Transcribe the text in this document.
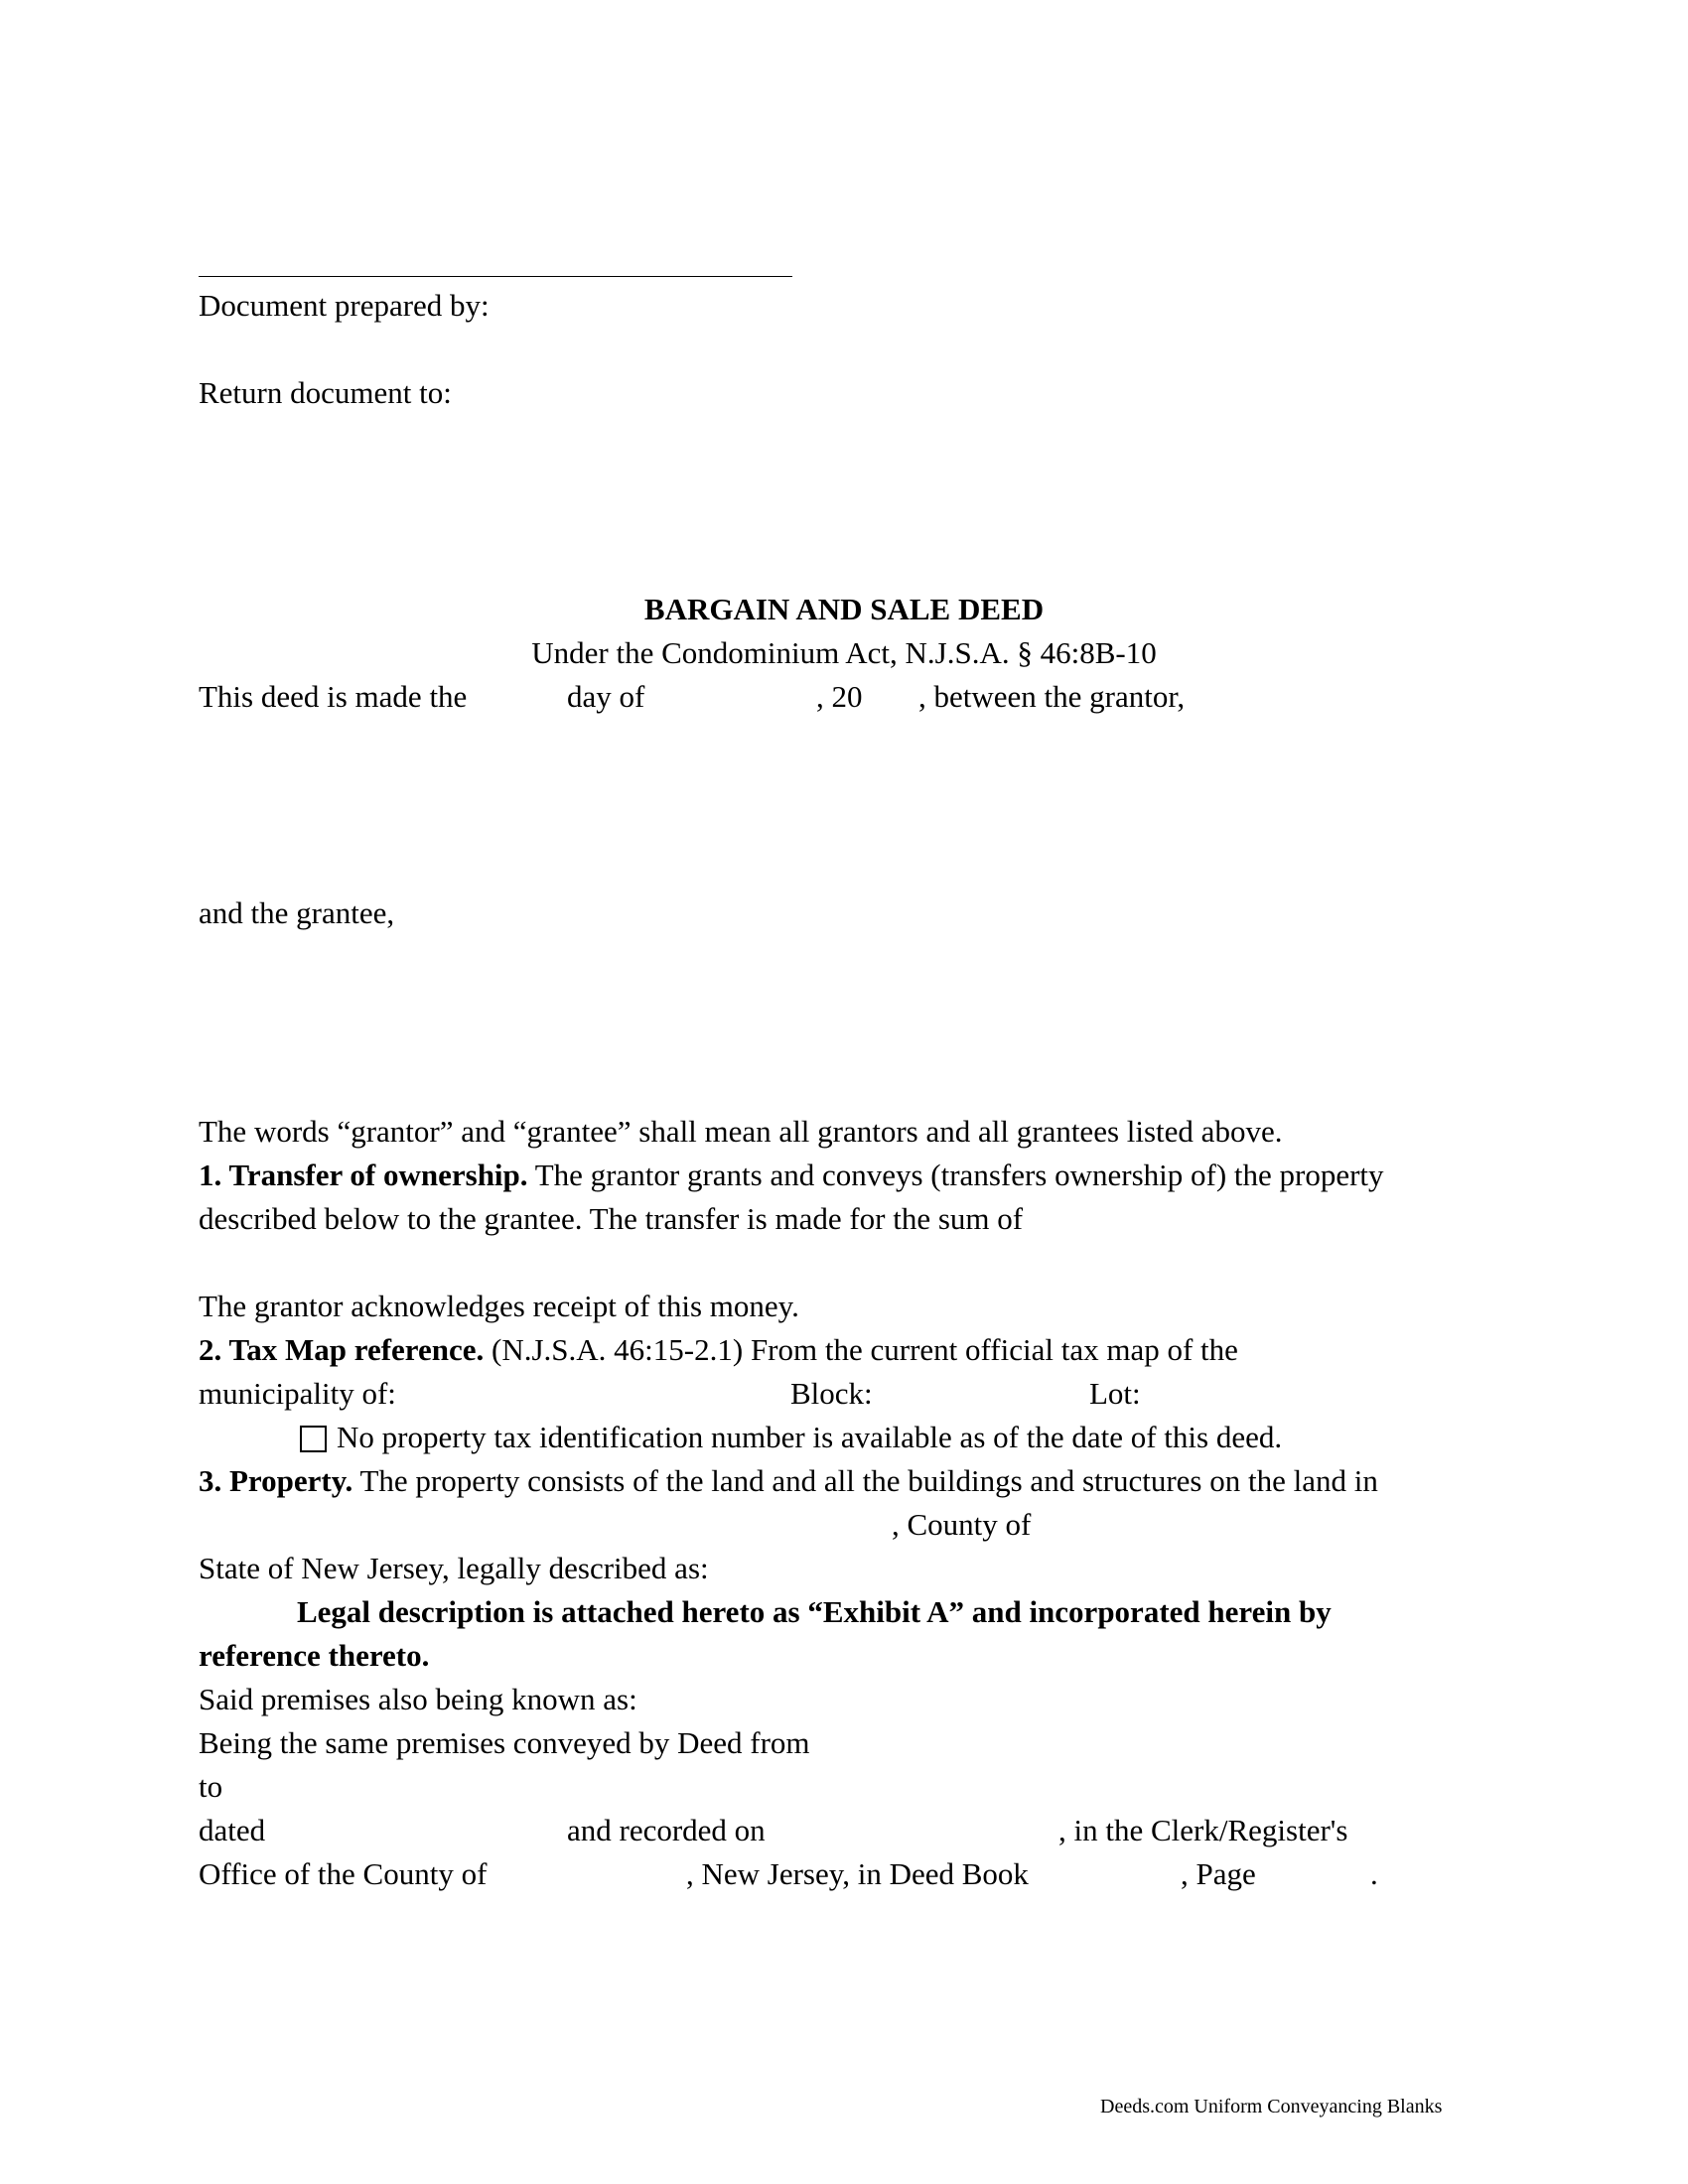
Document prepared by:
Return document to:
BARGAIN AND SALE DEED
Under the Condominium Act, N.J.S.A. § 46:8B-10
This deed is made the	day of	, 20 , between the grantor,
and the grantee,
The words “grantor” and “grantee” shall mean all grantors and all grantees listed above.
1. Transfer of ownership. The grantor grants and conveys (transfers ownership of) the property
described below to the grantee. The transfer is made for the sum of
The grantor acknowledges receipt of this money.
2. Tax Map reference. (N.J.S.A. 46:15-2.1) From the current official tax map of the
municipality of:	Block:	Lot:
No property tax identification number is available as of the date of this deed.
3. Property. The property consists of the land and all the buildings and structures on the land in
, County of
State of New Jersey, legally described as:
Legal description is attached hereto as “Exhibit A” and incorporated herein by
reference thereto.
Said premises also being known as:
Being the same premises conveyed by Deed from
to
dated	and recorded on	, in the Clerk/Register's
Office of the County of	, New Jersey, in Deed Book	, Page	.
Deeds.com Uniform Conveyancing Blanks
